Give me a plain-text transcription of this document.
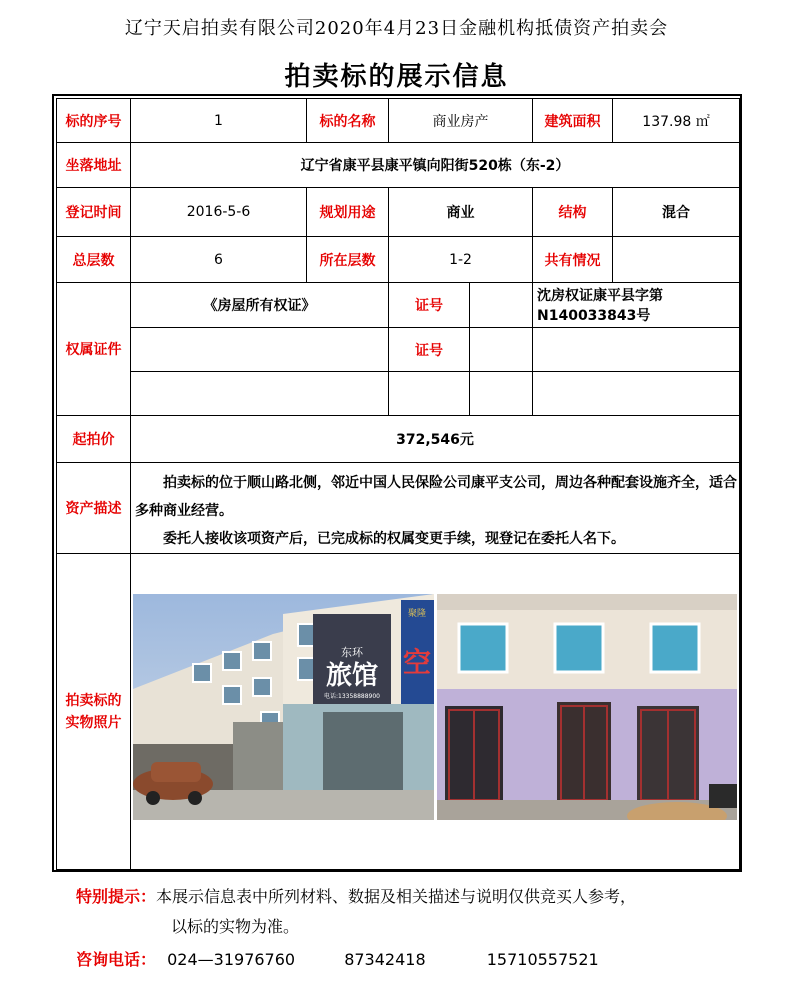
辽宁天启拍卖有限公司2020年4月23日金融机构抵债资产拍卖会
拍卖标的展示信息
标的序号	1	标的名称	商业房产	建筑面积	137.98 ㎡
坐落地址	辽宁省康平县康平镇向阳街520栋（东-2）				
登记时间	2016-5-6	规划用途	商业	结构	混合
总层数	6	所在层数	1-2	共有情况	
权属证件	《房屋所有权证》		证号	沈房权证康平县字第N140033843号	

			证号		

起拍价	372,546元				
资产描述	拍卖标的位于顺山路北侧，邻近中国人民保险公司康平支公司，周边各种配套设施齐全，适合多种商业经营。

委托人接收该项资产后，已完成标的权属变更手续，现登记在委托人名下。				

拍卖标的实物照片	东环
旅馆
电话:13358888900
聚隆
空				
特别提示：本展示信息表中所列材料、数据及相关描述与说明仅供竞买人参考，
以标的实物为准。
咨询电话： 024—31976760	87342418	15710557521
